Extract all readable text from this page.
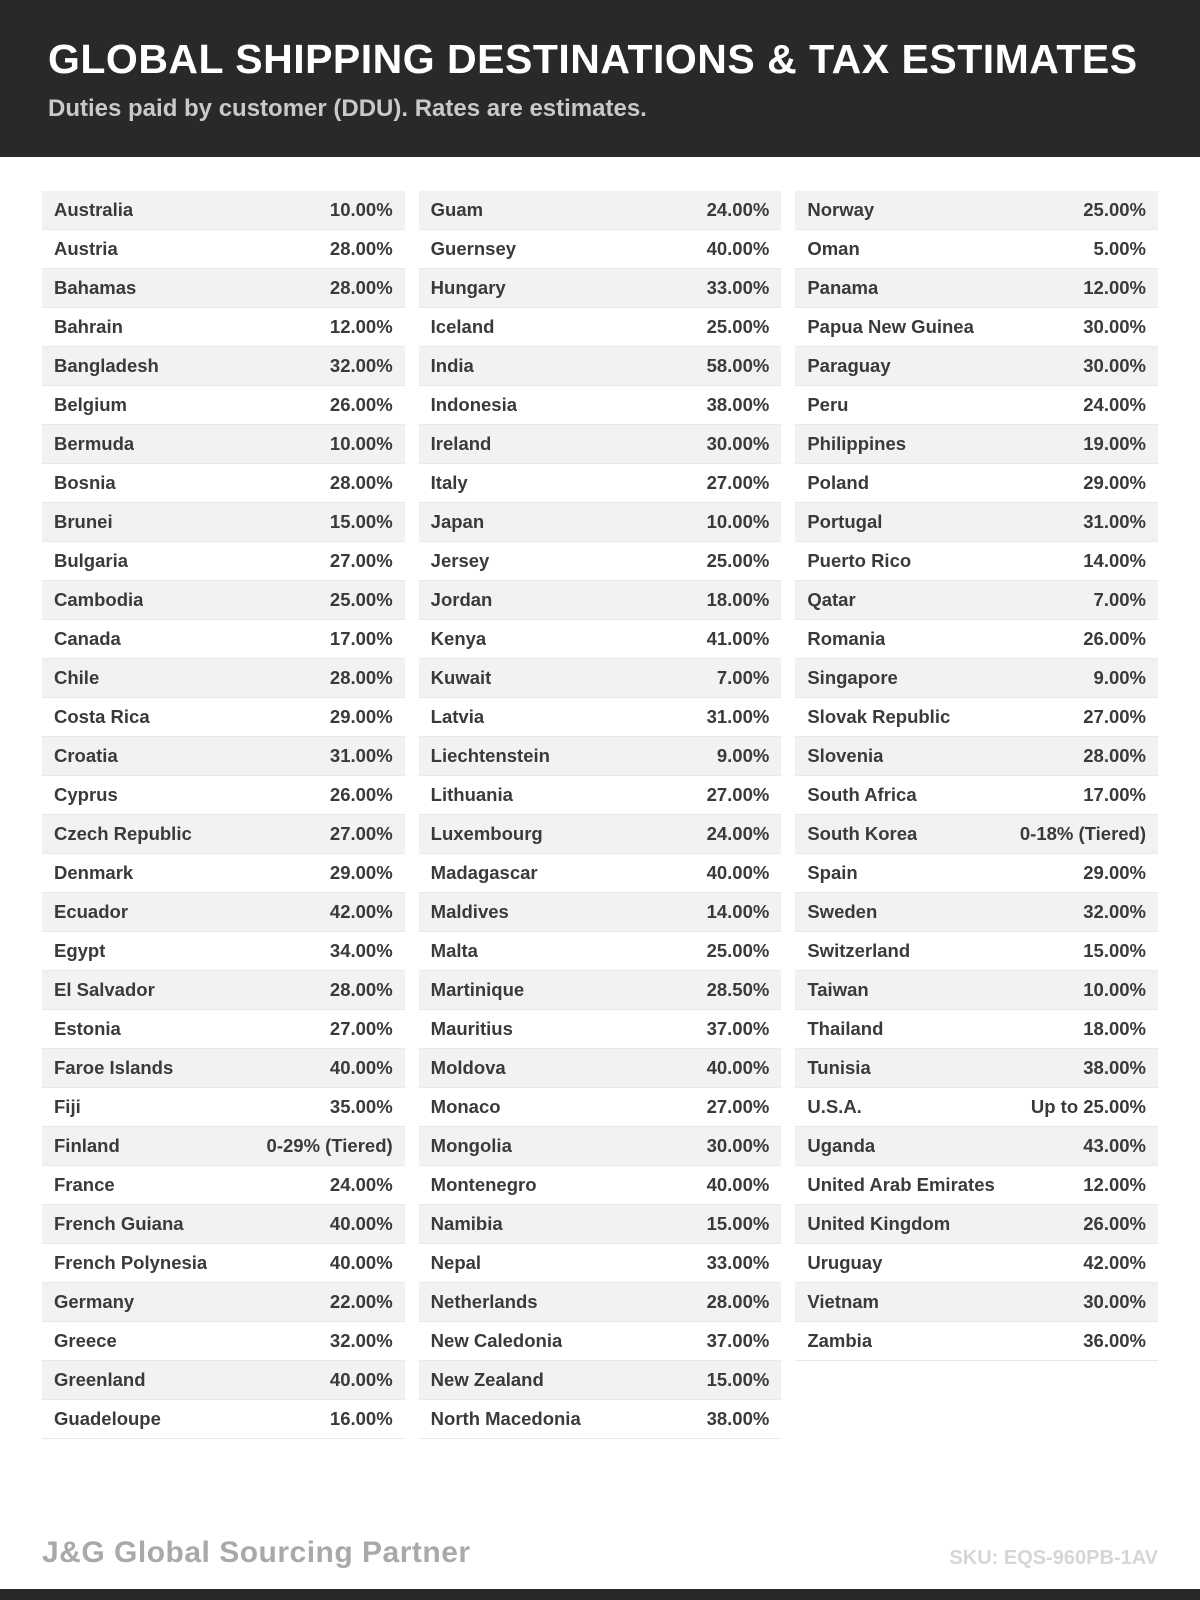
GLOBAL SHIPPING DESTINATIONS & TAX ESTIMATES
Duties paid by customer (DDU). Rates are estimates.
Australia	10.00%
Austria	28.00%
Bahamas	28.00%
Bahrain	12.00%
Bangladesh	32.00%
Belgium	26.00%
Bermuda	10.00%
Bosnia	28.00%
Brunei	15.00%
Bulgaria	27.00%
Cambodia	25.00%
Canada	17.00%
Chile	28.00%
Costa Rica	29.00%
Croatia	31.00%
Cyprus	26.00%
Czech Republic	27.00%
Denmark	29.00%
Ecuador	42.00%
Egypt	34.00%
El Salvador	28.00%
Estonia	27.00%
Faroe Islands	40.00%
Fiji	35.00%
Finland	0-29% (Tiered)
France	24.00%
French Guiana	40.00%
French Polynesia	40.00%
Germany	22.00%
Greece	32.00%
Greenland	40.00%
Guadeloupe	16.00%
Guam	24.00%
Guernsey	40.00%
Hungary	33.00%
Iceland	25.00%
India	58.00%
Indonesia	38.00%
Ireland	30.00%
Italy	27.00%
Japan	10.00%
Jersey	25.00%
Jordan	18.00%
Kenya	41.00%
Kuwait	7.00%
Latvia	31.00%
Liechtenstein	9.00%
Lithuania	27.00%
Luxembourg	24.00%
Madagascar	40.00%
Maldives	14.00%
Malta	25.00%
Martinique	28.50%
Mauritius	37.00%
Moldova	40.00%
Monaco	27.00%
Mongolia	30.00%
Montenegro	40.00%
Namibia	15.00%
Nepal	33.00%
Netherlands	28.00%
New Caledonia	37.00%
New Zealand	15.00%
North Macedonia	38.00%
Norway	25.00%
Oman	5.00%
Panama	12.00%
Papua New Guinea	30.00%
Paraguay	30.00%
Peru	24.00%
Philippines	19.00%
Poland	29.00%
Portugal	31.00%
Puerto Rico	14.00%
Qatar	7.00%
Romania	26.00%
Singapore	9.00%
Slovak Republic	27.00%
Slovenia	28.00%
South Africa	17.00%
South Korea	0-18% (Tiered)
Spain	29.00%
Sweden	32.00%
Switzerland	15.00%
Taiwan	10.00%
Thailand	18.00%
Tunisia	38.00%
U.S.A.	Up to 25.00%
Uganda	43.00%
United Arab Emirates	12.00%
United Kingdom	26.00%
Uruguay	42.00%
Vietnam	30.00%
Zambia	36.00%
J&G Global Sourcing Partner	SKU: EQS-960PB-1AV
